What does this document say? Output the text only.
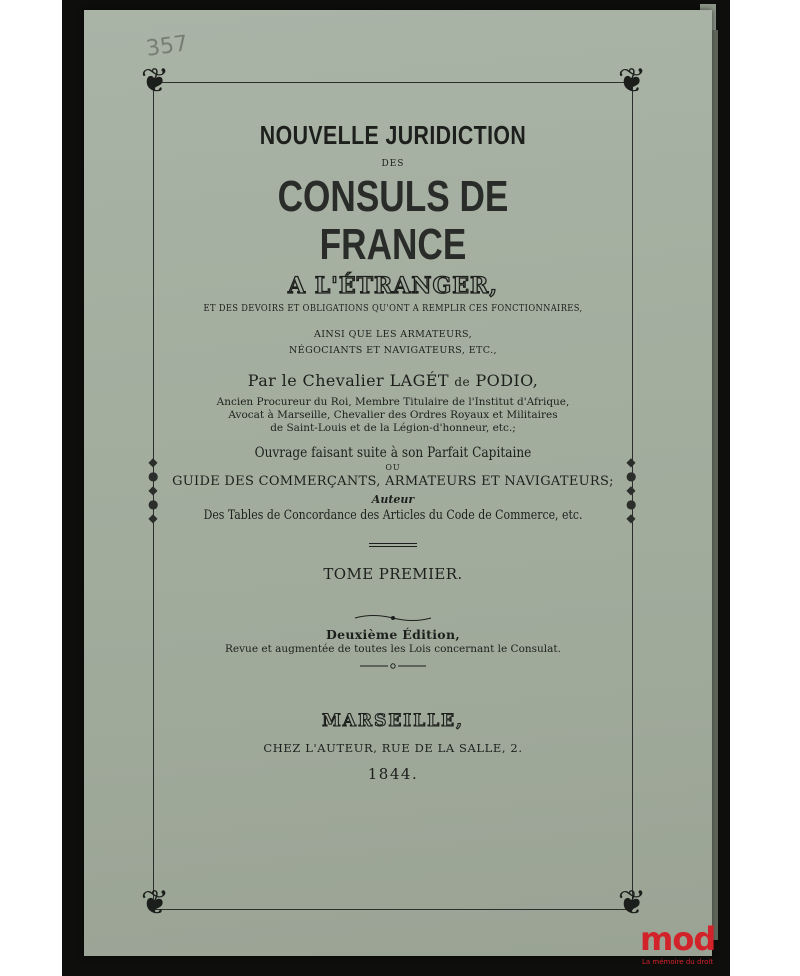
357
❦	❦
❦	❦
◆
●
◆
●
◆
◆
●
◆
●
◆
NOUVELLE JURIDICTION
DES
CONSULS DE FRANCE
A L'ÉTRANGER,
ET DES DEVOIRS ET OBLIGATIONS QU'ONT A REMPLIR CES FONCTIONNAIRES,
AINSI QUE LES ARMATEURS,
NÉGOCIANTS ET NAVIGATEURS, ETC.,
Par le Chevalier LAGÉT de PODIO,
Ancien Procureur du Roi, Membre Titulaire de l'Institut d'Afrique,
Avocat à Marseille, Chevalier des Ordres Royaux et Militaires
de Saint-Louis et de la Légion-d'honneur, etc.;
Ouvrage faisant suite à son Parfait Capitaine
OU
GUIDE DES COMMERÇANTS, ARMATEURS ET NAVIGATEURS;
Auteur
Des Tables de Concordance des Articles du Code de Commerce, etc.
TOME PREMIER.
Deuxième Édition,
Revue et augmentée de toutes les Lois concernant le Consulat.
MARSEILLE,
CHEZ L'AUTEUR, RUE DE LA SALLE, 2.
1844.
mod
La mémoire du droit
